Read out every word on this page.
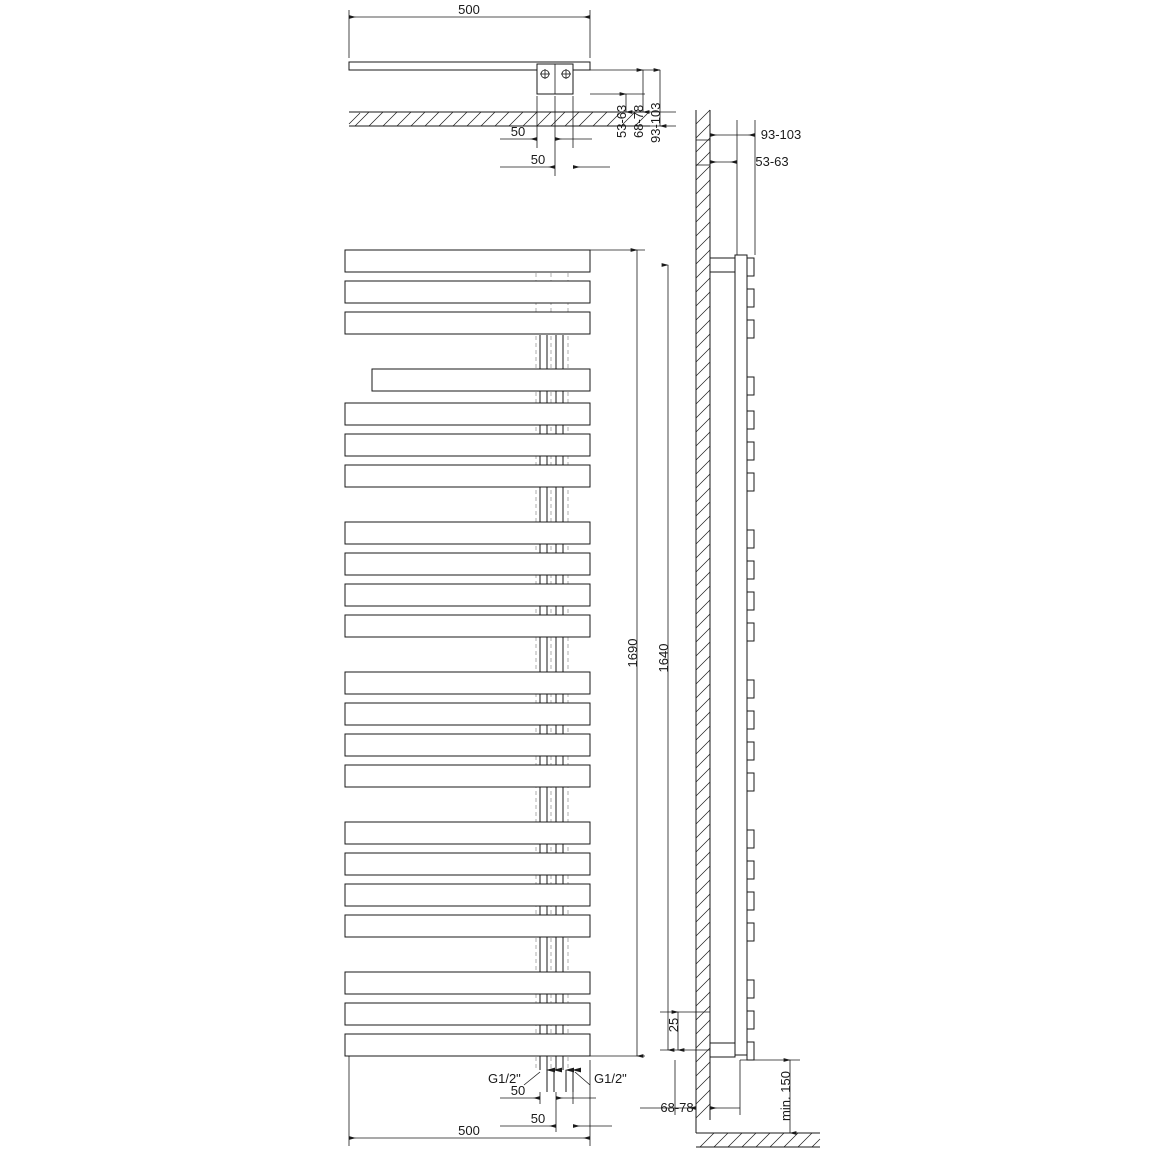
500
50
50
53-63 68-78 93-103
G1/2"	G1/2"
1690 1640
50
50
500
93-103
53-63
25
68-78	min. 150
